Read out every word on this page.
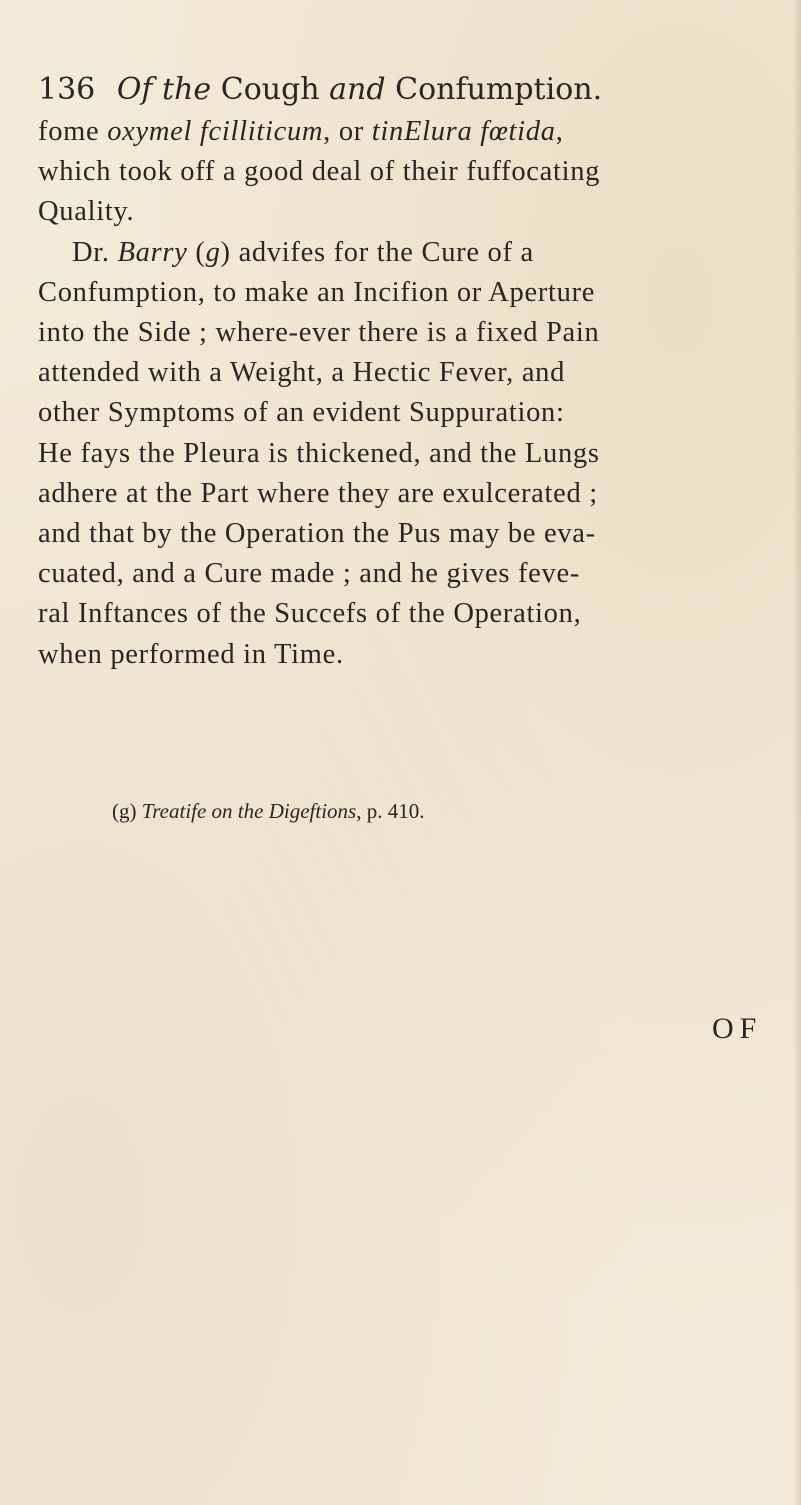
136 Of the Cough and Confumption.
fome oxymel fcilliticum, or tinElura fœtida,
which took off a good deal of their fuffocating
Quality.
Dr. Barry (g) advifes for the Cure of a
Confumption, to make an Incifion or Aperture
into the Side ; where-ever there is a fixed Pain
attended with a Weight, a Hectic Fever, and
other Symptoms of an evident Suppuration:
He fays the Pleura is thickened, and the Lungs
adhere at the Part where they are exulcerated ;
and that by the Operation the Pus may be eva-
cuated, and a Cure made ; and he gives feve-
ral Inftances of the Succefs of the Operation,
when performed in Time.
(g) Treatife on the Digeftions, p. 410.
OF
